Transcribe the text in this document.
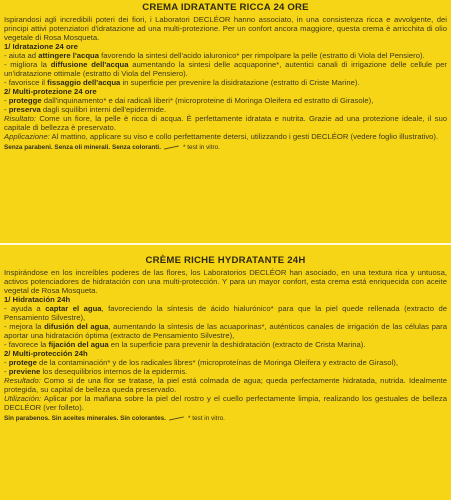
CREMA IDRATANTE RICCA 24 ORE

Ispirandosi agli incredibili poteri dei fiori, i Laboratori DECLÉOR hanno associato, in una consistenza ricca e avvolgente, dei principi attivi potenziatori d'idratazione ad una multi-protezione. Per un confort ancora maggiore, questa crema è arricchita di olio vegetale di Rosa Mosqueta.

1/ Idratazione 24 ore

- aiuta ad attingere l'acqua favorendo la sintesi dell'acido ialuronico* per rimpolpare la pelle (estratto di Viola del Pensiero).

- migliora la diffusione dell'acqua aumentando la sintesi delle acquaporine*, autentici canali di irrigazione delle cellule per un'idratazione ottimale (estratto di Viola del Pensiero).

- favorisce il fissaggio dell'acqua in superficie per prevenire la disidratazione (estratto di Criste Marine).

2/ Multi-protezione 24 ore

- protegge dall'inquinamento* e dai radicali liberi* (microproteine di Moringa Oleifera ed estratto di Girasole),

- preserva dagli squilibri interni dell'epidermide.

Risultato: Come un fiore, la pelle è ricca di acqua. È perfettamente idratata e nutrita. Grazie ad una protezione ideale, il suo capitale di bellezza è preservato.

Applicazione: Al mattino, applicare su viso e collo perfettamente detersi, utilizzando i gesti DECLÉOR (vedere foglio illustrativo).

Senza parabeni. Senza oli minerali. Senza coloranti.	* test in vitro.

CRÈME RICHE HYDRATANTE 24H

Inspirándose en los increíbles poderes de las flores, los Laboratorios DECLÉOR han asociado, en una textura rica y untuosa, activos potenciadores de hidratación con una multi-protección. Y para un mayor confort, esta crema está enriquecida con aceite vegetal de Rosa Mosqueta.

1/ Hidratación 24h

- ayuda a captar el agua, favoreciendo la síntesis de ácido hialurónico* para que la piel quede rellenada (extracto de Pensamiento Silvestre),

- mejora la difusión del agua, aumentando la síntesis de las acuaporinas*, auténticos canales de irrigación de las células para aportar una hidratación óptima (extracto de Pensamiento Silvestre),

- favorece la fijación del agua en la superficie para prevenir la deshidratación (extracto de Crista Marina).

2/ Multi-protección 24h

- protege de la contaminación* y de los radicales libres* (microproteínas de Moringa Oleifera y extracto de Girasol),

- previene los desequilibrios internos de la epidermis.

Resultado: Como si de una flor se tratase, la piel está colmada de agua; queda perfectamente hidratada, nutrida. Idealmente protegida, su capital de belleza queda preservado.

Utilización: Aplicar por la mañana sobre la piel del rostro y el cuello perfectamente limpia, realizando los gestuales de belleza DECLÉOR (ver folleto).

Sin parabenos. Sin aceites minerales. Sin colorantes.	* test in vitro.
